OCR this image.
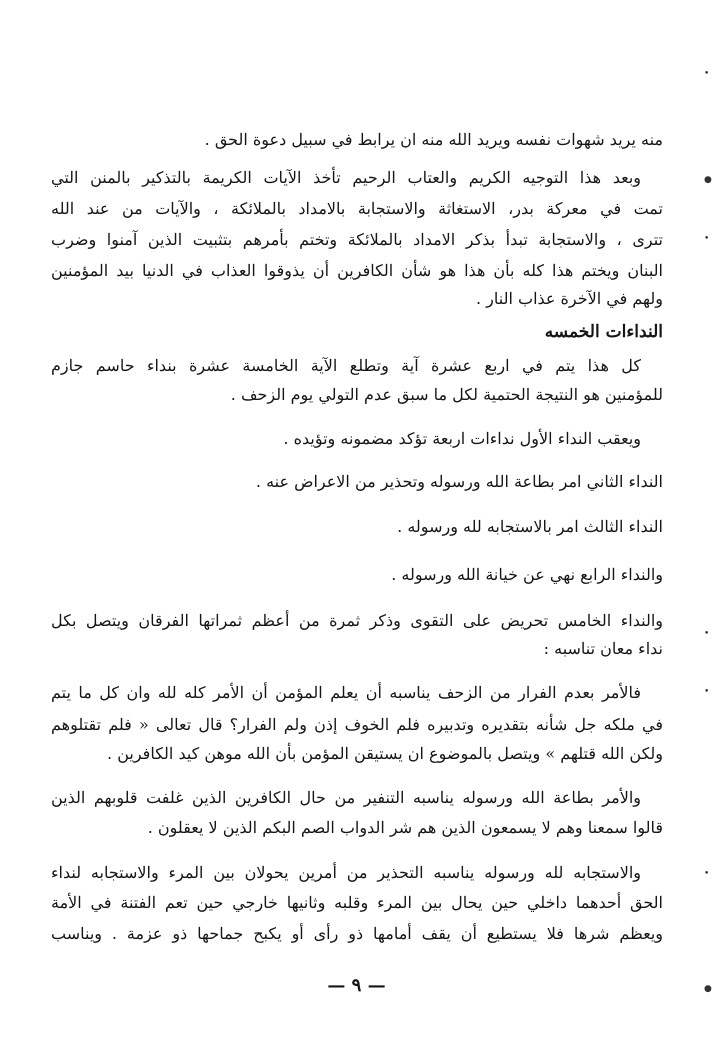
منه يريد شهوات نفسه ويريد الله منه ان يرابط في سبيل دعوة الحق .
وبعد هذا التوجيه الكريم والعتاب الرحيم تأخذ الآيات الكريمة بالتذكير بالمنن التي
تمت في معركة بدر، الاستغاثة والاستجابة بالامداد بالملائكة ، والآيات من عند الله
تترى ، والاستجابة تبدأ بذكر الامداد بالملائكة وتختم بأمرهم بتثبيت الذين آمنوا وضرب
البنان ويختم هذا كله بأن هذا هو شأن الكافرين أن يذوقوا العذاب في الدنيا بيد المؤمنين
ولهم في الآخرة عذاب النار .
النداءات الخمسه
كل هذا يتم في اربع عشرة آية وتطلع الآية الخامسة عشرة بنداء حاسم جازم
للمؤمنين هو النتيجة الحتمية لكل ما سبق عدم التولي يوم الزحف .
ويعقب النداء الأول نداءات اربعة تؤكد مضمونه وتؤيده .
النداء الثاني امر بطاعة الله ورسوله وتحذير من الاعراض عنه .
النداء الثالث امر بالاستجابه لله ورسوله .
والنداء الرابع نهي عن خيانة الله ورسوله .
والنداء الخامس تحريض على التقوى وذكر ثمرة من أعظم ثمراتها الفرقان ويتصل بكل
نداء معان تناسبه :
فالأمر بعدم الفرار من الزحف يناسبه أن يعلم المؤمن أن الأمر كله لله وان كل ما يتم
في ملكه جل شأنه بتقديره وتدبيره فلم الخوف إذن ولم الفرار؟ قال تعالى « فلم تقتلوهم
ولكن الله قتلهم » ويتصل بالموضوع ان يستيقن المؤمن بأن الله موهن كيد الكافرين .
والأمر بطاعة الله ورسوله يناسبه التنفير من حال الكافرين الذين غلفت قلوبهم الذين
قالوا سمعنا وهم لا يسمعون الذين هم شر الدواب الصم البكم الذين لا يعقلون .
والاستجابه لله ورسوله يناسبه التحذير من أمرين يحولان بين المرء والاستجابه لنداء
الحق أحدهما داخلي حين يحال بين المرء وقلبه وثانيها خارجي حين تعم الفتنة في الأمة
ويعظم شرها فلا يستطيع أن يقف أمامها ذو رأى أو يكبح جماحها ذو عزمة . ويناسب
— ٩ —
•
●
•
•
•
•
●
